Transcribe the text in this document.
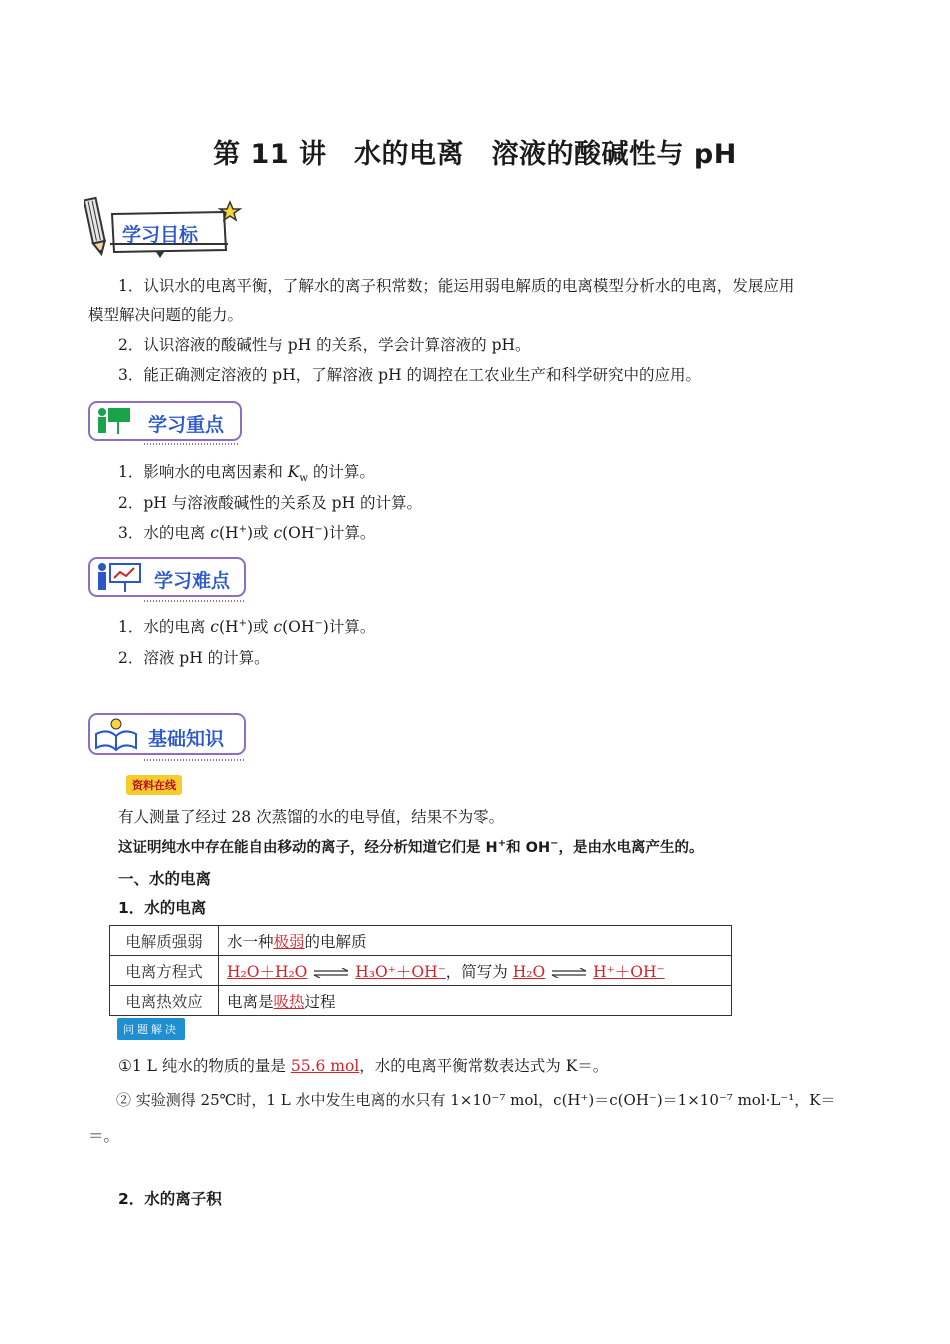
第 11 讲　水的电离　溶液的酸碱性与 pH
学习目标
1．认识水的电离平衡，了解水的离子积常数；能运用弱电解质的电离模型分析水的电离，发展应用
模型解决问题的能力。
2．认识溶液的酸碱性与 pH 的关系，学会计算溶液的 pH。
3．能正确测定溶液的 pH，了解溶液 pH 的调控在工农业生产和科学研究中的应用。
学习重点
1．影响水的电离因素和 $K_w$ 的计算。
2．pH 与溶液酸碱性的关系及 pH 的计算。
3．水的电离 c(H+)或 c(OH−)计算。
学习难点
1．水的电离 c(H+)或 c(OH−)计算。
2．溶液 pH 的计算。
基础知识
资料在线
有人测量了经过 28 次蒸馏的水的电导值，结果不为零。
这证明纯水中存在能自由移动的离子，经分析知道它们是 H+和 OH−，是由水电离产生的。
一、水的电离
1．水的电离
电解质强弱	水一种极弱的电解质
电离方程式	H₂O＋H₂O ⇌ H₃O⁺＋OH⁻，简写为 H₂O ⇌ H⁺＋OH⁻
电离热效应	电离是吸热过程
问题解决
①1 L 纯水的物质的量是 55.6 mol，水的电离平衡常数表达式为 K＝。
② 实验测得 25℃时，1 L 水中发生电离的水只有 1×10⁻⁷ mol，c(H⁺)＝c(OH⁻)＝1×10⁻⁷ mol·L⁻¹，K＝
＝。
2．水的离子积
